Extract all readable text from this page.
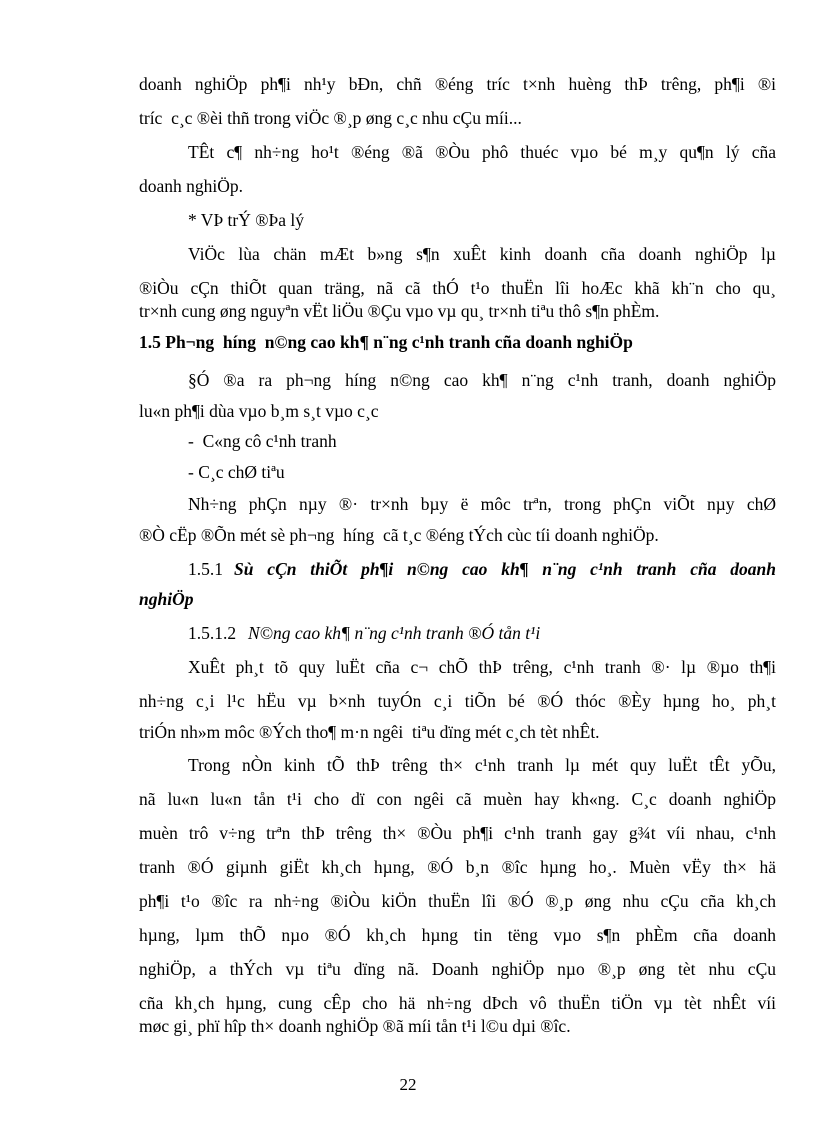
doanh nghiÖp ph¶i nh¹y bÐn, chñ ®éng tríc t×nh huèng thÞ trêng, ph¶i ®i
tríc  c¸c ®èi thñ trong viÖc ®¸p øng c¸c nhu cÇu míi...
TÊt c¶ nh÷ng ho¹t ®éng ®ã ®Òu phô thuéc vµo bé m¸y qu¶n lý cña
doanh nghiÖp.
* VÞ trÝ ®Þa lý
ViÖc lùa chän mÆt b»ng s¶n xuÊt kinh doanh cña doanh nghiÖp lµ
®iÒu cÇn thiÕt quan träng, nã cã thÓ t¹o thuËn lîi hoÆc khã kh¨n cho qu¸
tr×nh cung øng nguyªn vËt liÖu ®Çu vµo vµ qu¸ tr×nh tiªu thô s¶n phÈm.
1.5 Ph¬ng  híng  n©ng cao kh¶ n¨ng c¹nh tranh cña doanh nghiÖp
§Ó ®a ra ph¬ng híng n©ng cao kh¶ n¨ng c¹nh tranh, doanh nghiÖp
lu«n ph¶i dùa vµo b¸m s¸t vµo c¸c
-  C«ng cô c¹nh tranh
- C¸c chØ tiªu
Nh÷ng phÇn nµy ®· tr×nh bµy ë môc trªn, trong phÇn viÕt nµy chØ
®Ò cËp ®Õn mét sè ph¬ng  híng  cã t¸c ®éng tÝch cùc tíi doanh nghiÖp.
1.5.1 Sù cÇn thiÕt ph¶i n©ng cao kh¶ n¨ng c¹nh tranh cña doanh
nghiÖp
1.5.1.2 N©ng cao kh¶ n¨ng c¹nh tranh ®Ó tån t¹i
XuÊt ph¸t tõ quy luËt cña c¬ chÕ thÞ trêng, c¹nh tranh ®· lµ ®µo th¶i
nh÷ng c¸i l¹c hËu vµ b×nh tuyÓn c¸i tiÕn bé ®Ó thóc ®Èy hµng ho¸ ph¸t
triÓn nh»m môc ®Ých tho¶ m·n ngêi  tiªu dïng mét c¸ch tèt nhÊt.
Trong nÒn kinh tÕ thÞ trêng th× c¹nh tranh lµ mét quy luËt tÊt yÕu,
nã lu«n lu«n tån t¹i cho dï con ngêi cã muèn hay kh«ng. C¸c doanh nghiÖp
muèn trô v÷ng trªn thÞ trêng th× ®Òu ph¶i c¹nh tranh gay g¾t víi nhau, c¹nh
tranh ®Ó giµnh giËt kh¸ch hµng, ®Ó b¸n ®îc hµng ho¸. Muèn vËy th× hä
ph¶i t¹o ®îc ra nh÷ng ®iÒu kiÖn thuËn lîi ®Ó ®¸p øng nhu cÇu cña kh¸ch
hµng, lµm thÕ nµo ®Ó kh¸ch hµng tin tëng vµo s¶n phÈm cña doanh
nghiÖp, a thÝch vµ tiªu dïng nã. Doanh nghiÖp nµo ®¸p øng tèt nhu cÇu
cña kh¸ch hµng, cung cÊp cho hä nh÷ng dÞch vô thuËn tiÖn vµ tèt nhÊt víi
møc gi¸ phï hîp th× doanh nghiÖp ®ã míi tån t¹i l©u dµi ®îc.
22
